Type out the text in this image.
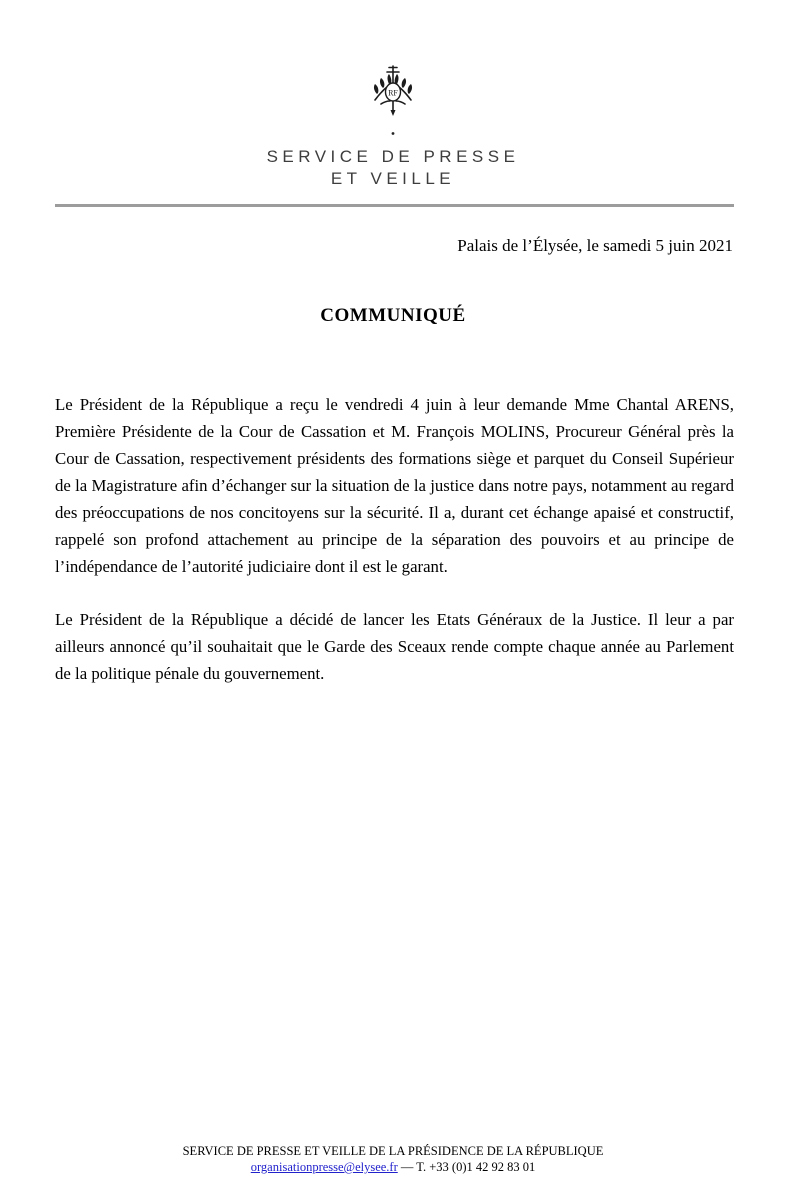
RF
SERVICE DE PRESSE
ET VEILLE
Palais de l’Élysée, le samedi 5 juin 2021
COMMUNIQUÉ

Le Président de la République a reçu le vendredi 4 juin à leur demande Mme Chantal ARENS, Première Présidente de la Cour de Cassation et M. François MOLINS, Procureur Général près la Cour de Cassation, respectivement présidents des formations siège et parquet du Conseil Supérieur de la Magistrature afin d’échanger sur la situation de la justice dans notre pays, notamment au regard des préoccupations de nos concitoyens sur la sécurité. Il a, durant cet échange apaisé et constructif, rappelé son profond attachement au principe de la séparation des pouvoirs et au principe de l’indépendance de l’autorité judiciaire dont il est le garant.

Le Président de la République a décidé de lancer les Etats Généraux de la Justice. Il leur a par ailleurs annoncé qu’il souhaitait que le Garde des Sceaux rende compte chaque année au Parlement de la politique pénale du gouvernement.

SERVICE DE PRESSE ET VEILLE DE LA PRÉSIDENCE DE LA RÉPUBLIQUE
organisationpresse@elysee.fr — T. +33 (0)1 42 92 83 01
